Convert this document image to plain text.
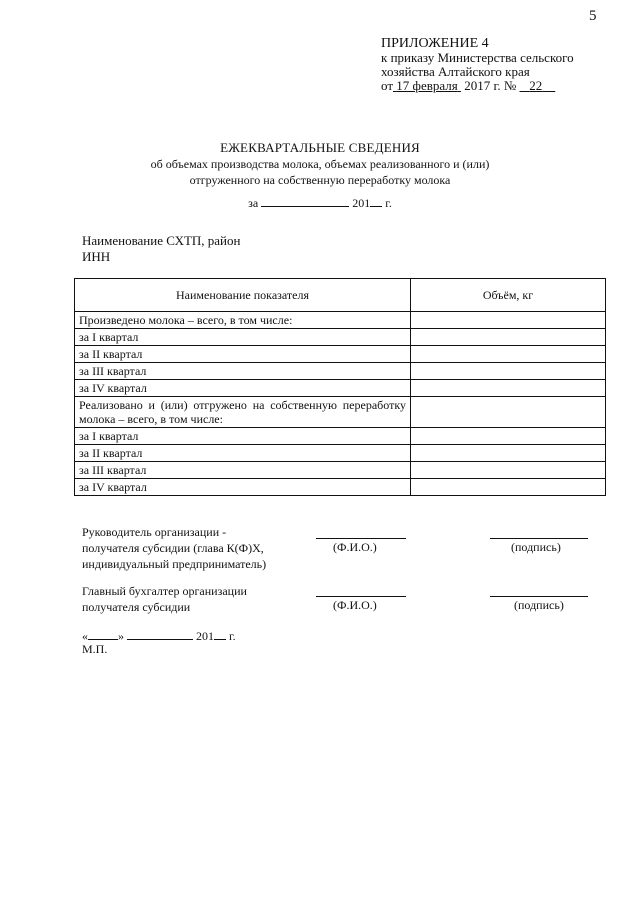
5
ПРИЛОЖЕНИЕ 4
к приказу Министерства сельского
хозяйства Алтайского края
от 17 февраля 2017 г. № 22
ЕЖЕКВАРТАЛЬНЫЕ СВЕДЕНИЯ
об объемах производства молока, объемах реализованного и (или)
отгруженного на собственную переработку молока
за	201 г.
Наименование СХТП, район
ИНН
Наименование показателя	Объём, кг
Произведено молока – всего, в том числе:	
за I квартал	
за II квартал	
за III квартал	
за IV квартал	
Реализовано и (или) отгружено на собственную переработку молока – всего, в том числе:	
за I квартал	
за II квартал	
за III квартал	
за IV квартал	
Руководитель организации -
получателя субсидии (глава К(Ф)Х,
индивидуальный предприниматель)
(Ф.И.О.)	(подпись)
Главный бухгалтер организации
получателя субсидии	(Ф.И.О.)	(подпись)
«	»	201 г.
М.П.
